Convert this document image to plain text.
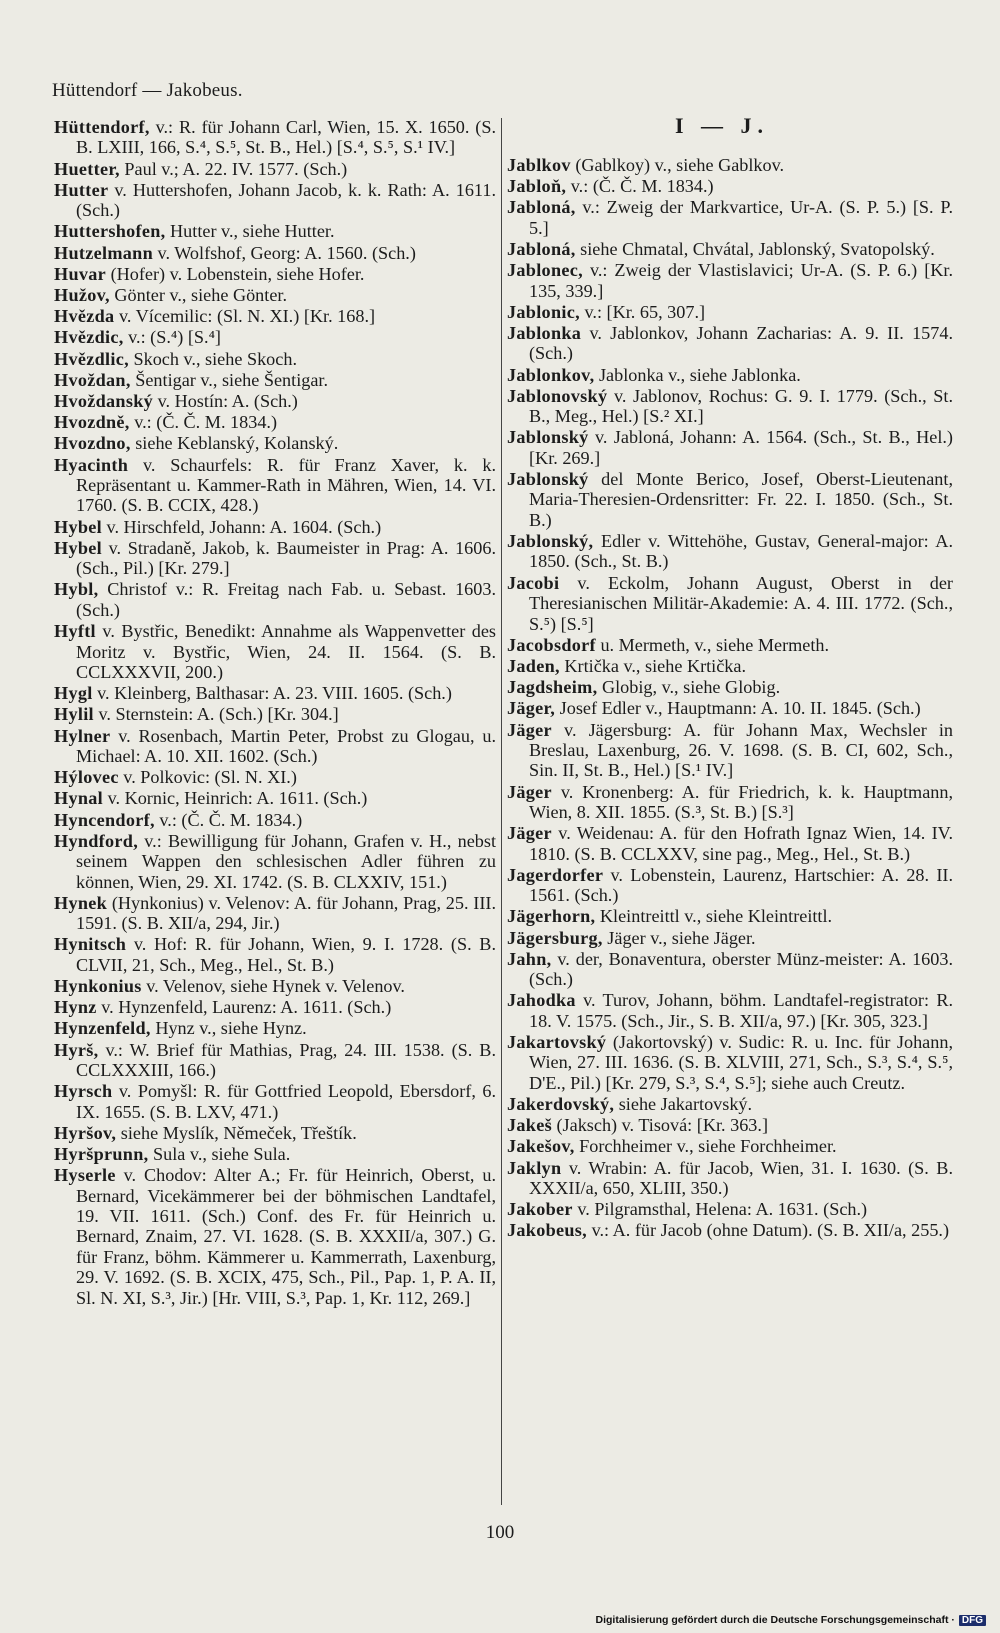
Hüttendorf — Jakobeus.

Hüttendorf, v.: R. für Johann Carl, Wien, 15. X. 1650. (S. B. LXIII, 166, S.⁴, S.⁵, St. B., Hel.) [S.⁴, S.⁵, S.¹ IV.]

Huetter, Paul v.; A. 22. IV. 1577. (Sch.)

Hutter v. Huttershofen, Johann Jacob, k. k. Rath: A. 1611. (Sch.)

Huttershofen, Hutter v., siehe Hutter.

Hutzelmann v. Wolfshof, Georg: A. 1560. (Sch.)

Huvar (Hofer) v. Lobenstein, siehe Hofer.

Hužov, Gönter v., siehe Gönter.

Hvězda v. Vícemilic: (Sl. N. XI.) [Kr. 168.]

Hvězdic, v.: (S.⁴) [S.⁴]

Hvězdlic, Skoch v., siehe Skoch.

Hvoždan, Šentigar v., siehe Šentigar.

Hvoždanský v. Hostín: A. (Sch.)

Hvozdně, v.: (Č. Č. M. 1834.)

Hvozdno, siehe Keblanský, Kolanský.

Hyacinth v. Schaurfels: R. für Franz Xaver, k. k. Repräsentant u. Kammer-Rath in Mähren, Wien, 14. VI. 1760. (S. B. CCIX, 428.)

Hybel v. Hirschfeld, Johann: A. 1604. (Sch.)

Hybel v. Stradaně, Jakob, k. Baumeister in Prag: A. 1606. (Sch., Pil.) [Kr. 279.]

Hybl, Christof v.: R. Freitag nach Fab. u. Sebast. 1603. (Sch.)

Hyftl v. Bystřic, Benedikt: Annahme als Wappenvetter des Moritz v. Bystřic, Wien, 24. II. 1564. (S. B. CCLXXXVII, 200.)

Hygl v. Kleinberg, Balthasar: A. 23. VIII. 1605. (Sch.)

Hylil v. Sternstein: A. (Sch.) [Kr. 304.]

Hylner v. Rosenbach, Martin Peter, Probst zu Glogau, u. Michael: A. 10. XII. 1602. (Sch.)

Hýlovec v. Polkovic: (Sl. N. XI.)

Hynal v. Kornic, Heinrich: A. 1611. (Sch.)

Hyncendorf, v.: (Č. Č. M. 1834.)

Hyndford, v.: Bewilligung für Johann, Grafen v. H., nebst seinem Wappen den schlesischen Adler führen zu können, Wien, 29. XI. 1742. (S. B. CLXXIV, 151.)

Hynek (Hynkonius) v. Velenov: A. für Johann, Prag, 25. III. 1591. (S. B. XII/a, 294, Jir.)

Hynitsch v. Hof: R. für Johann, Wien, 9. I. 1728. (S. B. CLVII, 21, Sch., Meg., Hel., St. B.)

Hynkonius v. Velenov, siehe Hynek v. Velenov.

Hynz v. Hynzenfeld, Laurenz: A. 1611. (Sch.)

Hynzenfeld, Hynz v., siehe Hynz.

Hyrš, v.: W. Brief für Mathias, Prag, 24. III. 1538. (S. B. CCLXXXIII, 166.)

Hyrsch v. Pomyšl: R. für Gottfried Leopold, Ebersdorf, 6. IX. 1655. (S. B. LXV, 471.)

Hyršov, siehe Myslík, Němeček, Třeštík.

Hyršprunn, Sula v., siehe Sula.

Hyserle v. Chodov: Alter A.; Fr. für Heinrich, Oberst, u. Bernard, Vicekämmerer bei der böhmischen Landtafel, 19. VII. 1611. (Sch.) Conf. des Fr. für Heinrich u. Bernard, Znaim, 27. VI. 1628. (S. B. XXXII/a, 307.) G. für Franz, böhm. Kämmerer u. Kammerrath, Laxenburg, 29. V. 1692. (S. B. XCIX, 475, Sch., Pil., Pap. 1, P. A. II, Sl. N. XI, S.³, Jir.) [Hr. VIII, S.³, Pap. 1, Kr. 112, 269.]

I — J.

Jablkov (Gablkoy) v., siehe Gablkov.

Jabloň, v.: (Č. Č. M. 1834.)

Jabloná, v.: Zweig der Markvartice, Ur-A. (S. P. 5.) [S. P. 5.]

Jabloná, siehe Chmatal, Chvátal, Jablonský, Svatopolský.

Jablonec, v.: Zweig der Vlastislavici; Ur-A. (S. P. 6.) [Kr. 135, 339.]

Jablonic, v.: [Kr. 65, 307.]

Jablonka v. Jablonkov, Johann Zacharias: A. 9. II. 1574. (Sch.)

Jablonkov, Jablonka v., siehe Jablonka.

Jablonovský v. Jablonov, Rochus: G. 9. I. 1779. (Sch., St. B., Meg., Hel.) [S.² XI.]

Jablonský v. Jabloná, Johann: A. 1564. (Sch., St. B., Hel.) [Kr. 269.]

Jablonský del Monte Berico, Josef, Oberst-Lieutenant, Maria-Theresien-Ordensritter: Fr. 22. I. 1850. (Sch., St. B.)

Jablonský, Edler v. Wittehöhe, Gustav, General-major: A. 1850. (Sch., St. B.)

Jacobi v. Eckolm, Johann August, Oberst in der Theresianischen Militär-Akademie: A. 4. III. 1772. (Sch., S.⁵) [S.⁵]

Jacobsdorf u. Mermeth, v., siehe Mermeth.

Jaden, Krtička v., siehe Krtička.

Jagdsheim, Globig, v., siehe Globig.

Jäger, Josef Edler v., Hauptmann: A. 10. II. 1845. (Sch.)

Jäger v. Jägersburg: A. für Johann Max, Wechsler in Breslau, Laxenburg, 26. V. 1698. (S. B. CI, 602, Sch., Sin. II, St. B., Hel.) [S.¹ IV.]

Jäger v. Kronenberg: A. für Friedrich, k. k. Hauptmann, Wien, 8. XII. 1855. (S.³, St. B.) [S.³]

Jäger v. Weidenau: A. für den Hofrath Ignaz Wien, 14. IV. 1810. (S. B. CCLXXV, sine pag., Meg., Hel., St. B.)

Jagerdorfer v. Lobenstein, Laurenz, Hartschier: A. 28. II. 1561. (Sch.)

Jägerhorn, Kleintreittl v., siehe Kleintreittl.

Jägersburg, Jäger v., siehe Jäger.

Jahn, v. der, Bonaventura, oberster Münz-meister: A. 1603. (Sch.)

Jahodka v. Turov, Johann, böhm. Landtafel-registrator: R. 18. V. 1575. (Sch., Jir., S. B. XII/a, 97.) [Kr. 305, 323.]

Jakartovský (Jakortovský) v. Sudic: R. u. Inc. für Johann, Wien, 27. III. 1636. (S. B. XLVIII, 271, Sch., S.³, S.⁴, S.⁵, D'E., Pil.) [Kr. 279, S.³, S.⁴, S.⁵]; siehe auch Creutz.

Jakerdovský, siehe Jakartovský.

Jakeš (Jaksch) v. Tisová: [Kr. 363.]

Jakešov, Forchheimer v., siehe Forchheimer.

Jaklyn v. Wrabin: A. für Jacob, Wien, 31. I. 1630. (S. B. XXXII/a, 650, XLIII, 350.)

Jakober v. Pilgramsthal, Helena: A. 1631. (Sch.)

Jakobeus, v.: A. für Jacob (ohne Datum). (S. B. XII/a, 255.)

100
Digitalisierung gefördert durch die Deutsche Forschungsgemeinschaft · DFG
